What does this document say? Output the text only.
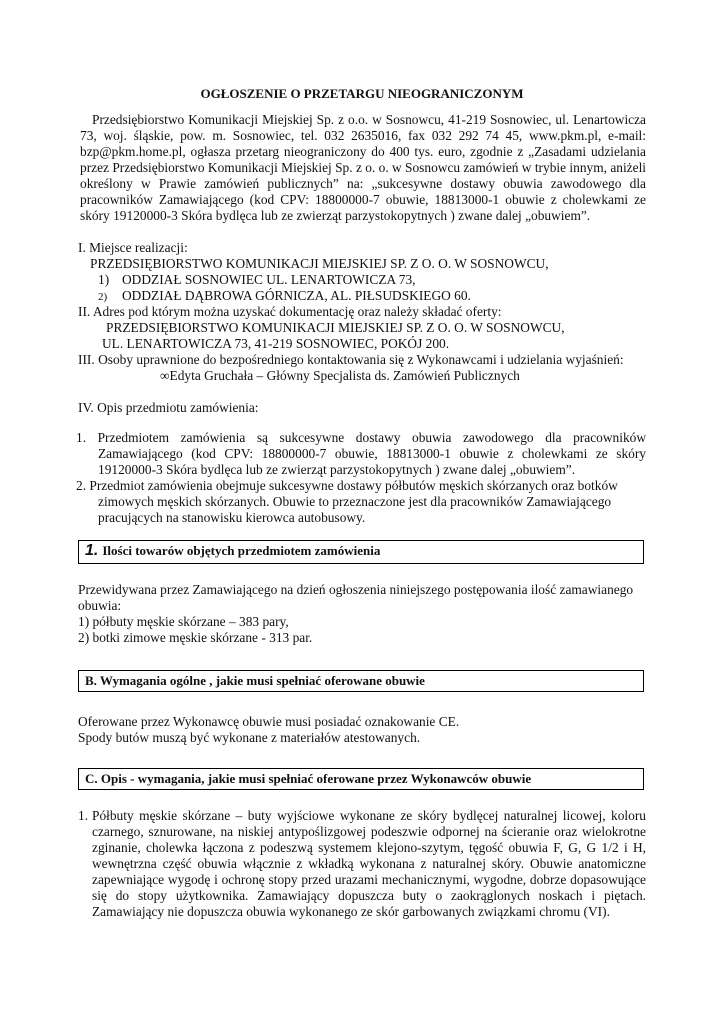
OGŁOSZENIE O PRZETARGU NIEOGRANICZONYM
Przedsiębiorstwo Komunikacji Miejskiej Sp. z o.o. w Sosnowcu, 41-219 Sosnowiec, ul. Lenartowicza 73, woj. śląskie, pow. m. Sosnowiec, tel. 032 2635016, fax 032 292 74 45, www.pkm.pl, e-mail: bzp@pkm.home.pl, ogłasza przetarg nieograniczony do 400 tys. euro, zgodnie z „Zasadami udzielania przez Przedsiębiorstwo Komunikacji Miejskiej Sp. z o. o. w Sosnowcu zamówień w trybie innym, aniżeli określony w Prawie zamówień publicznych” na: „sukcesywne dostawy obuwia zawodowego dla pracowników Zamawiającego (kod CPV: 18800000-7 obuwie, 18813000-1 obuwie z cholewkami ze skóry 19120000-3 Skóra bydlęca lub ze zwierząt parzystokopytnych ) zwane dalej „obuwiem”.
I. Miejsce realizacji:
PRZEDSIĘBIORSTWO KOMUNIKACJI MIEJSKIEJ SP. Z O. O. W SOSNOWCU,
1) ODDZIAŁ SOSNOWIEC UL. LENARTOWICZA 73,
2) ODDZIAŁ DĄBROWA GÓRNICZA, AL. PIŁSUDSKIEGO 60.
II. Adres pod którym można uzyskać dokumentację oraz należy składać oferty:
PRZEDSIĘBIORSTWO KOMUNIKACJI MIEJSKIEJ SP. Z O. O. W SOSNOWCU,
UL. LENARTOWICZA 73, 41-219 SOSNOWIEC, POKÓJ 200.
III. Osoby uprawnione do bezpośredniego kontaktowania się z Wykonawcami i udzielania wyjaśnień:
∞Edyta Gruchała – Główny Specjalista ds. Zamówień Publicznych
IV. Opis przedmiotu zamówienia:
1. Przedmiotem zamówienia są sukcesywne dostawy obuwia zawodowego dla pracowników Zamawiającego (kod CPV: 18800000-7 obuwie, 18813000-1 obuwie z cholewkami ze skóry 19120000-3 Skóra bydlęca lub ze zwierząt parzystokopytnych ) zwane dalej „obuwiem”.
2. Przedmiot zamówienia obejmuje sukcesywne dostawy półbutów męskich skórzanych oraz botków zimowych męskich skórzanych. Obuwie to przeznaczone jest dla pracowników Zamawiającego pracujących na stanowisku kierowca autobusowy.
1. Ilości towarów objętych przedmiotem zamówienia
Przewidywana przez Zamawiającego na dzień ogłoszenia niniejszego postępowania ilość zamawianego obuwia:
1) półbuty męskie skórzane – 383 pary,
2) botki zimowe męskie skórzane - 313 par.
B. Wymagania ogólne , jakie musi spełniać oferowane obuwie
Oferowane przez Wykonawcę obuwie musi posiadać oznakowanie CE.
Spody butów muszą być wykonane z materiałów atestowanych.
C. Opis - wymagania, jakie musi spełniać oferowane przez Wykonawców obuwie
1. Półbuty męskie skórzane – buty wyjściowe wykonane ze skóry bydlęcej naturalnej licowej, koloru czarnego, sznurowane, na niskiej antypoślizgowej podeszwie odpornej na ścieranie oraz wielokrotne zginanie, cholewka łączona z podeszwą systemem klejono-szytym, tęgość obuwia F, G, G 1/2 i H, wewnętrzna część obuwia włącznie z wkładką wykonana z naturalnej skóry. Obuwie anatomiczne zapewniające wygodę i ochronę stopy przed urazami mechanicznymi, wygodne, dobrze dopasowujące się do stopy użytkownika. Zamawiający dopuszcza buty o zaokrąglonych noskach i piętach. Zamawiający nie dopuszcza obuwia wykonanego ze skór garbowanych związkami chromu (VI).
